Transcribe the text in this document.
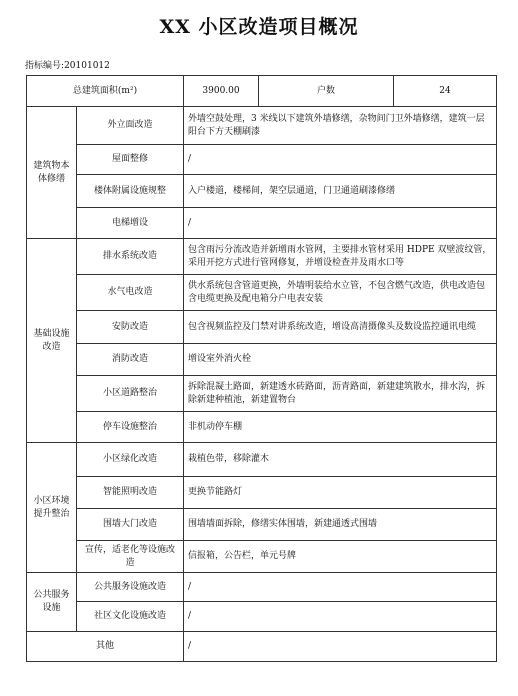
XX 小区改造项目概况
指标编号:20101012
总建筑面积(m²)		3900.00	户数	24
建筑物本体修缮	外立面改造	外墙空鼓处理，3 米线以下建筑外墙修缮，杂物间门卫外墙修缮，建筑一层阳台下方天棚刷漆		
	屋面整修	/		
	楼体附属设施规整	入户楼道，楼梯间，架空层通道，门卫通道刷漆修缮		
	电梯增设	/		
基础设施改造	排水系统改造	包含雨污分流改造并新增雨水管网，主要排水管材采用 HDPE 双壁波纹管，采用开挖方式进行管网修复，并增设检查井及雨水口等		
	水气电改造	供水系统包含管道更换，外墙明装给水立管，不包含燃气改造，供电改造包含电缆更换及配电箱分户电表安装		
	安防改造	包含视频监控及门禁对讲系统改造，增设高清摄像头及数设监控通讯电缆		
	消防改造	增设室外消火栓		
	小区道路整治	拆除混凝土路面，新建透水砖路面，沥青路面，新建建筑散水，排水沟，拆除新建种植池，新建置物台		
	停车设施整治	非机动停车棚		
小区环境提升整治	小区绿化改造	栽植色带，移除灌木		
	智能照明改造	更换节能路灯		
	围墙大门改造	围墙墙面拆除，修缮实体围墙，新建通透式围墙		
	宣传，适老化等设施改造	信报箱，公告栏，单元号牌		
公共服务设施	公共服务设施改造	/		
	社区文化设施改造	/		
其他		/		
